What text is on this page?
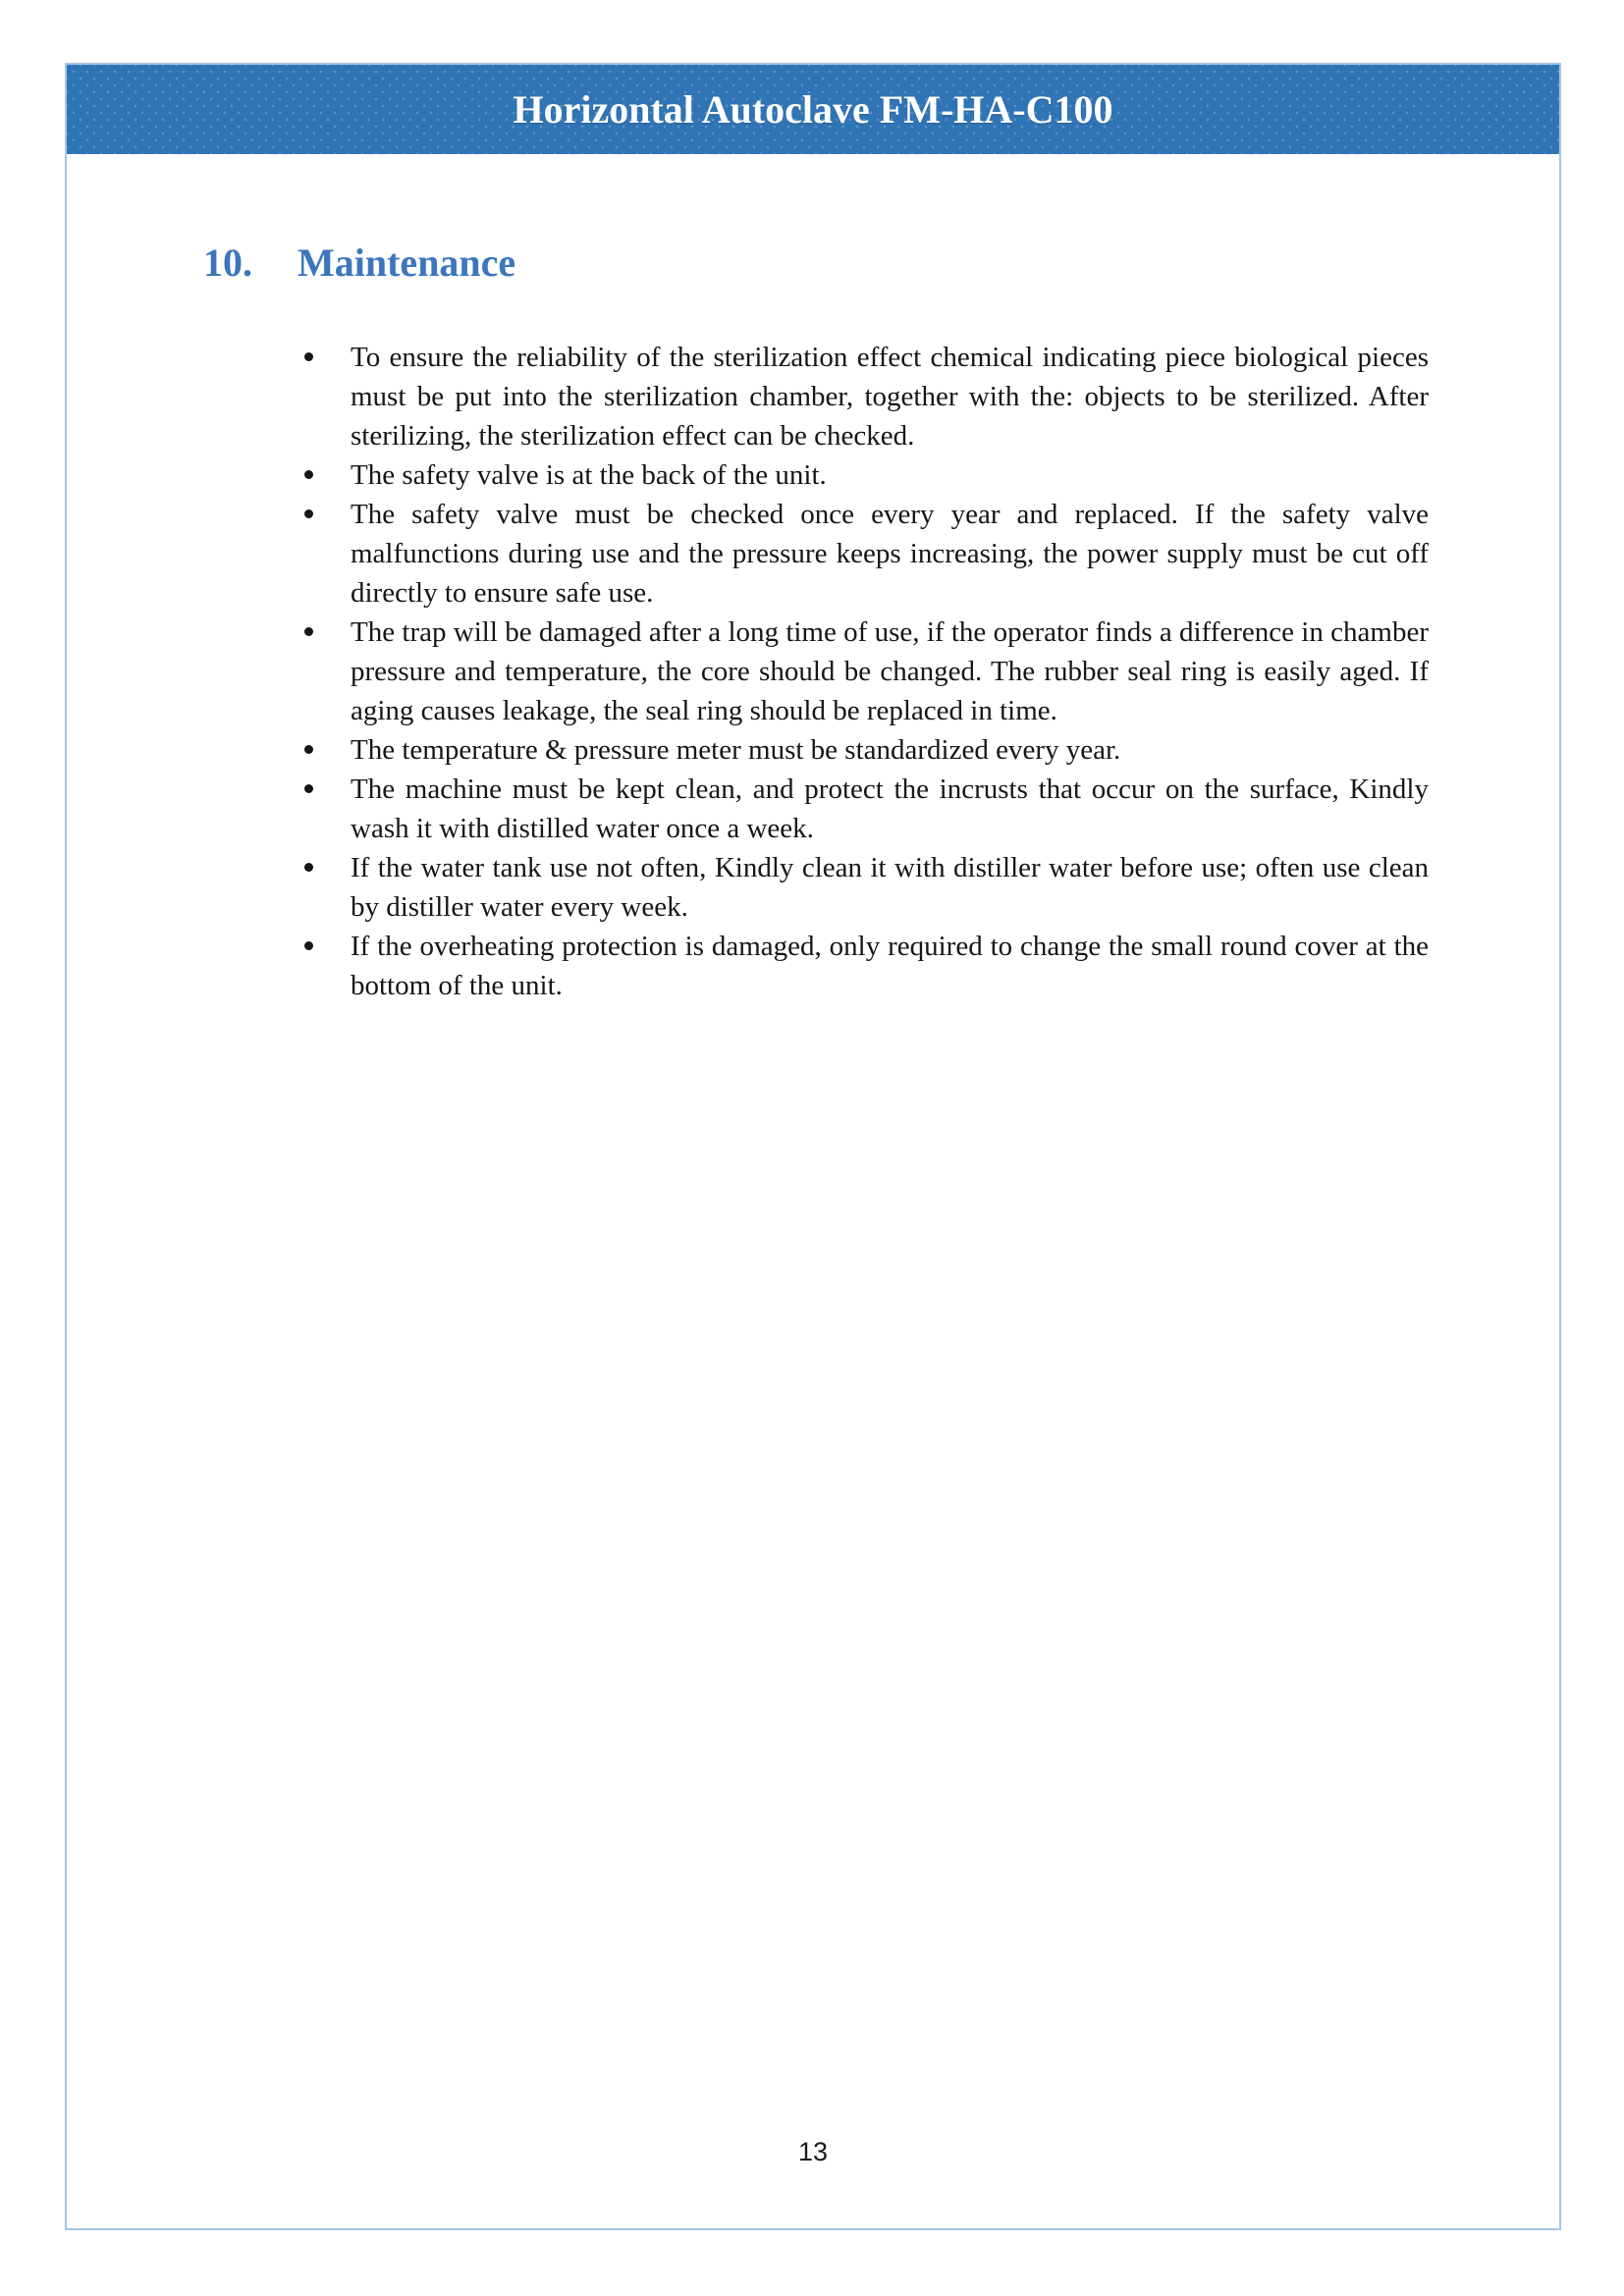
Horizontal Autoclave FM-HA-C100
10.	Maintenance
To ensure the reliability of the sterilization effect chemical indicating piece biological pieces must be put into the sterilization chamber, together with the: objects to be sterilized. After sterilizing, the sterilization effect can be checked.
The safety valve is at the back of the unit.
The safety valve must be checked once every year and replaced. If the safety valve malfunctions during use and the pressure keeps increasing, the power supply must be cut off directly to ensure safe use.
The trap will be damaged after a long time of use, if the operator finds a difference in chamber pressure and temperature, the core should be changed. The rubber seal ring is easily aged. If aging causes leakage, the seal ring should be replaced in time.
The temperature & pressure meter must be standardized every year.
The machine must be kept clean, and protect the incrusts that occur on the surface, Kindly wash it with distilled water once a week.
If the water tank use not often, Kindly clean it with distiller water before use; often use clean by distiller water every week.
If the overheating protection is damaged, only required to change the small round cover at the bottom of the unit.
13
